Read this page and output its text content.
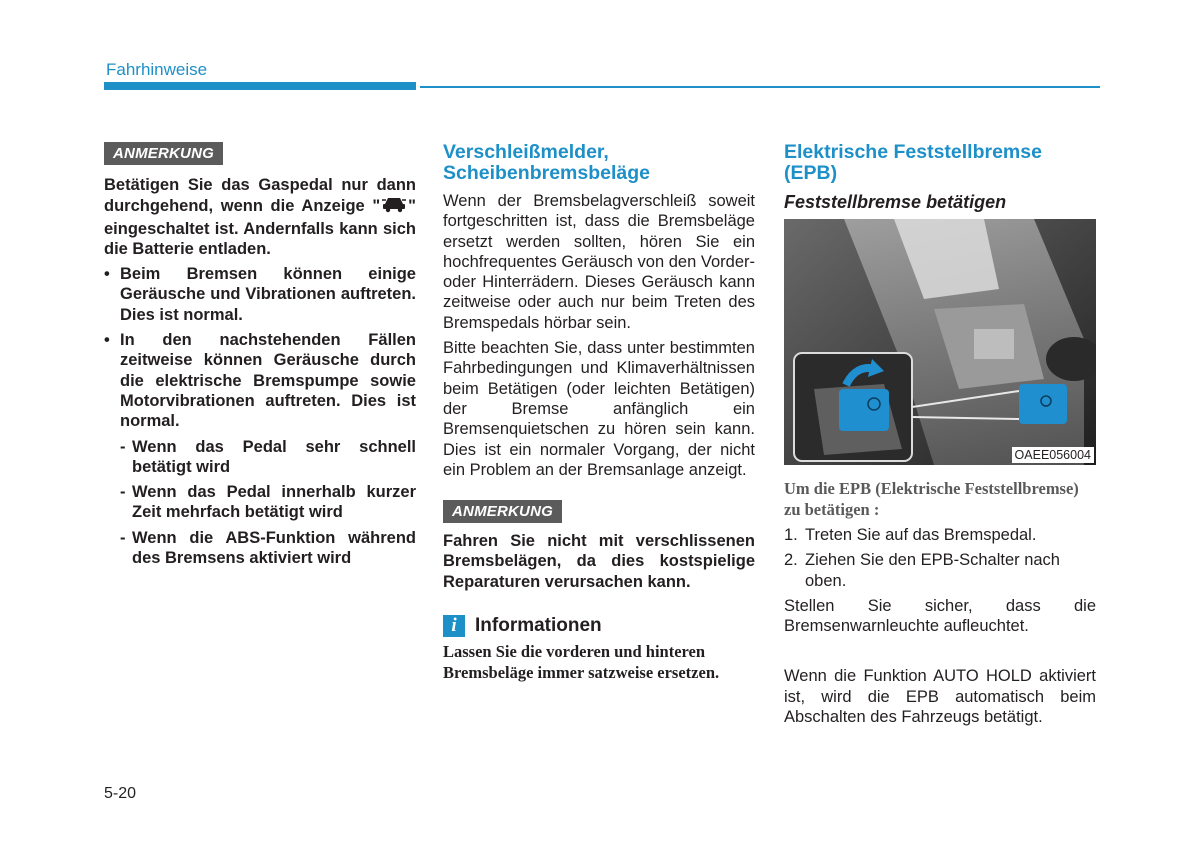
Fahrhinweise
ANMERKUNG
Betätigen Sie das Gaspedal nur dann durchgehend, wenn die Anzeige " " eingeschaltet ist. Andernfalls kann sich die Batterie entladen.
• Beim Bremsen können einige Geräusche und Vibrationen auftreten. Dies ist normal.
• In den nachstehenden Fällen zeitweise können Geräusche durch die elektrische Bremspumpe sowie Motorvibrationen auftreten. Dies ist normal.
- Wenn das Pedal sehr schnell betätigt wird
- Wenn das Pedal innerhalb kurzer Zeit mehrfach betätigt wird
- Wenn die ABS-Funktion während des Bremsens aktiviert wird
Verschleißmelder, Scheibenbremsbeläge
Wenn der Bremsbelagverschleiß soweit fortgeschritten ist, dass die Bremsbeläge ersetzt werden sollten, hören Sie ein hochfrequentes Geräusch von den Vorder- oder Hinterrädern. Dieses Geräusch kann zeitweise oder auch nur beim Treten des Bremspedals hörbar sein.
Bitte beachten Sie, dass unter bestimmten Fahrbedingungen und Klimaverhältnissen beim Betätigen (oder leichten Betätigen) der Bremse anfänglich ein Bremsenquietschen zu hören sein kann. Dies ist ein normaler Vorgang, der nicht ein Problem an der Bremsanlage anzeigt.
ANMERKUNG
Fahren Sie nicht mit verschlissenen Bremsbelägen, da dies kostspielige Reparaturen verursachen kann.
i Informationen
Lassen Sie die vorderen und hinteren Bremsbeläge immer satzweise ersetzen.
Elektrische Feststellbremse (EPB)
Feststellbremse betätigen
OAEE056004
Um die EPB (Elektrische Feststellbremse) zu betätigen :
1. Treten Sie auf das Bremspedal.
2. Ziehen Sie den EPB-Schalter nach oben.
Stellen Sie sicher, dass die Bremsenwarnleuchte aufleuchtet.
Wenn die Funktion AUTO HOLD aktiviert ist, wird die EPB automatisch beim Abschalten des Fahrzeugs betätigt.
5-20
